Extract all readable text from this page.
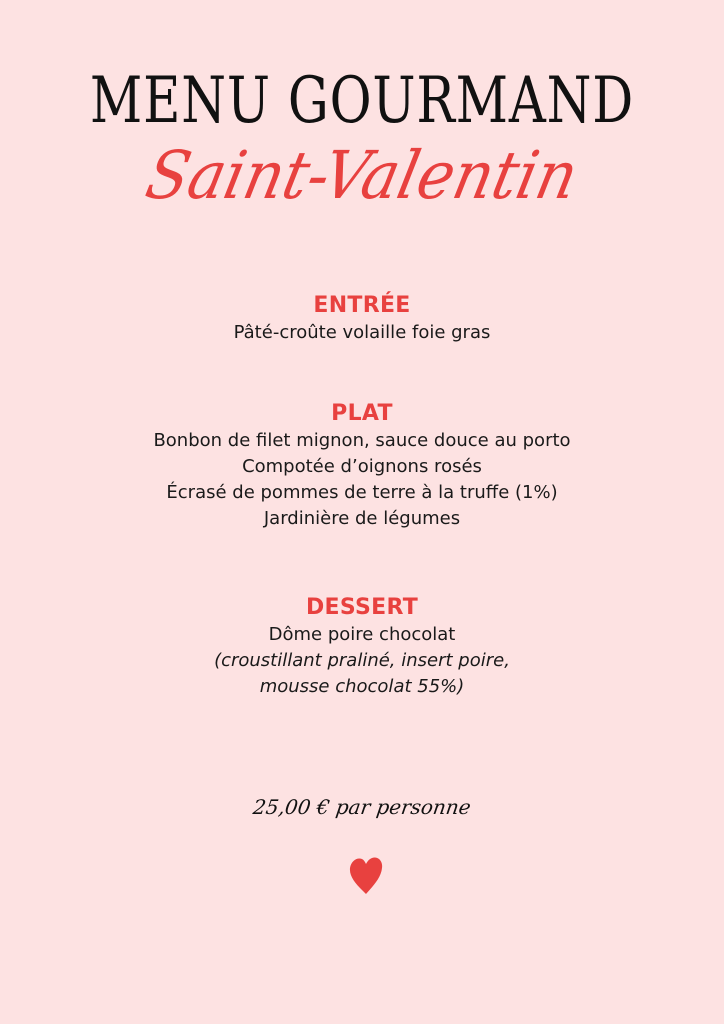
MENU GOURMAND
Saint-Valentin
ENTRÉE
Pâté-croûte volaille foie gras
PLAT
Bonbon de filet mignon, sauce douce au porto
Compotée d’oignons rosés
Écrasé de pommes de terre à la truffe (1%)
Jardinière de légumes
DESSERT
Dôme poire chocolat
(croustillant praliné, insert poire,
mousse chocolat 55%)
25,00 € par personne
